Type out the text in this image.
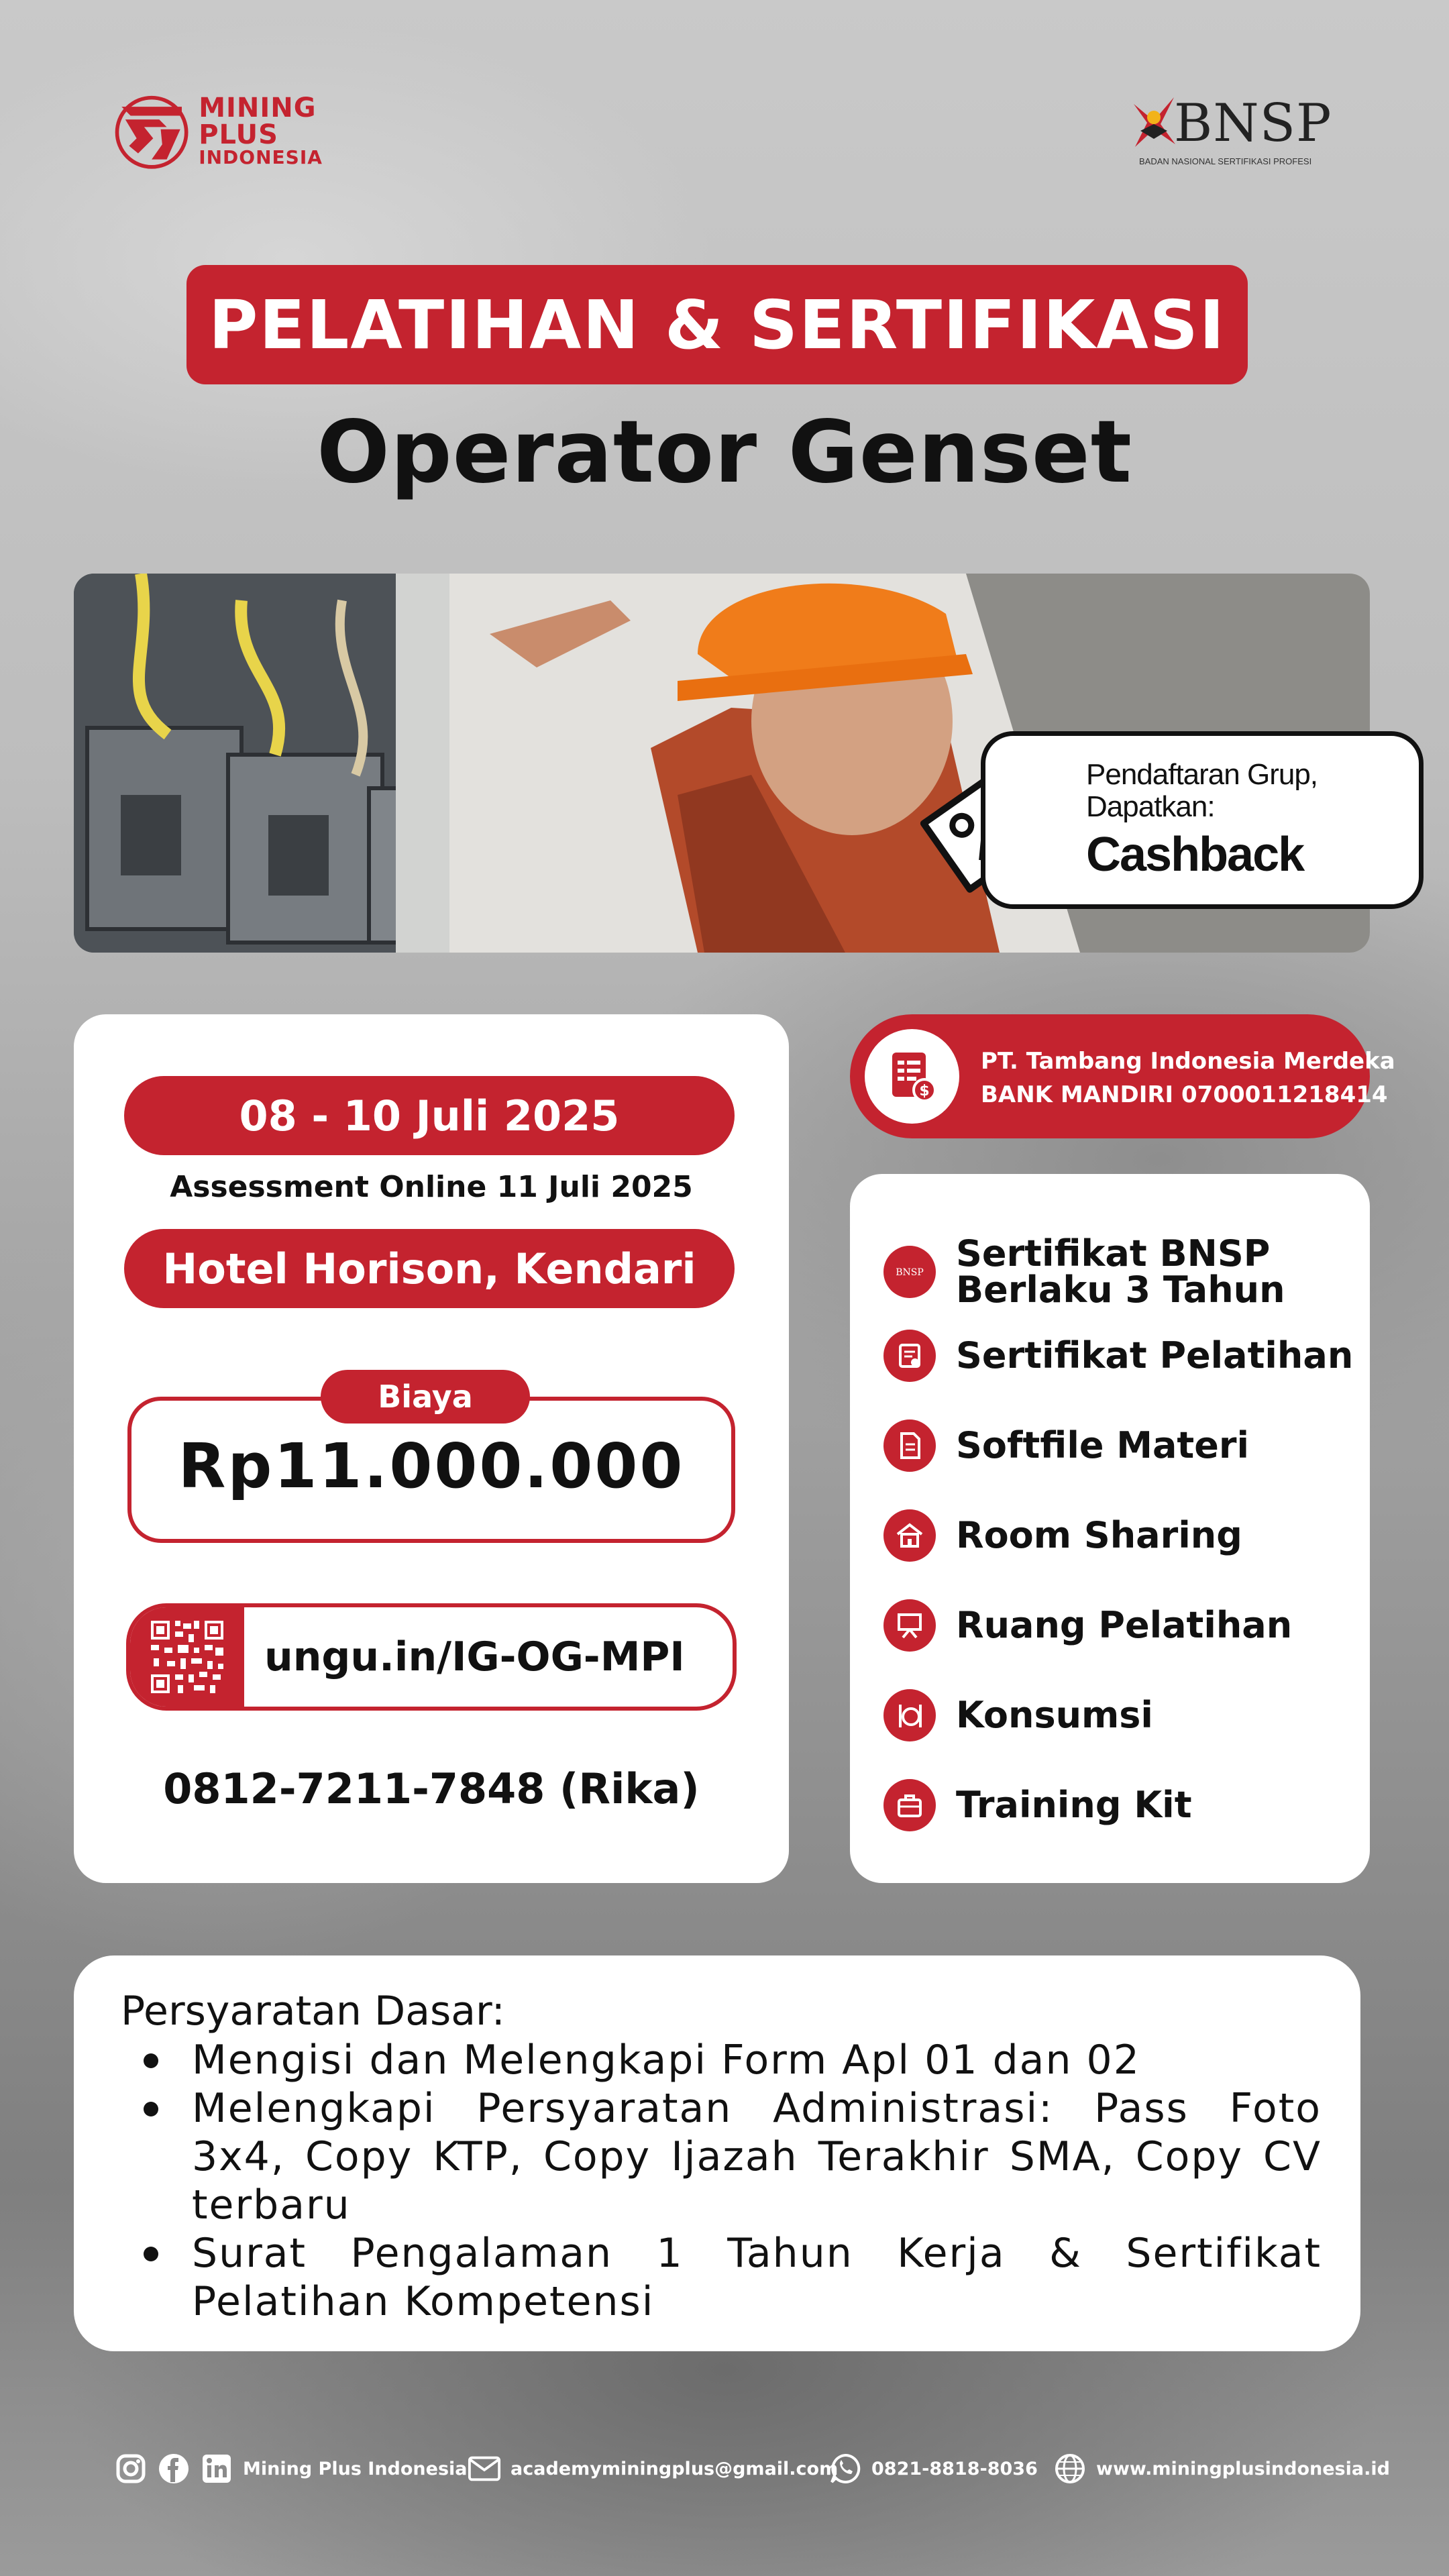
MINING PLUS
INDONESIA
BNSP
BADAN NASIONAL SERTIFIKASI PROFESI
PELATIHAN & SERTIFIKASI
Operator Genset
Pendaftaran Grup,
Dapatkan:
Cashback
08 - 10 Juli 2025
Assessment Online 11 Juli 2025
Hotel Horison, Kendari
Biaya
Rp11.000.000
ungu.in/IG-OG-MPI
0812-7211-7848 (Rika)
$
PT. Tambang Indonesia Merdeka
BANK MANDIRI 0700011218414
BNSP Sertifikat BNSP
Berlaku 3 Tahun
Sertifikat Pelatihan
Softfile Materi
Room Sharing
Ruang Pelatihan
Konsumsi
Training Kit
Persyaratan Dasar:
Mengisi dan Melengkapi Form Apl 01 dan 02
Melengkapi Persyaratan Administrasi: Pass Foto 3x4, Copy KTP, Copy Ijazah Terakhir SMA, Copy CV terbaru
Surat Pengalaman 1 Tahun Kerja & Sertifikat Pelatihan Kompetensi
Mining Plus Indonesia academyminingplus@gmail.com 0821-8818-8036	www.miningplusindonesia.id
